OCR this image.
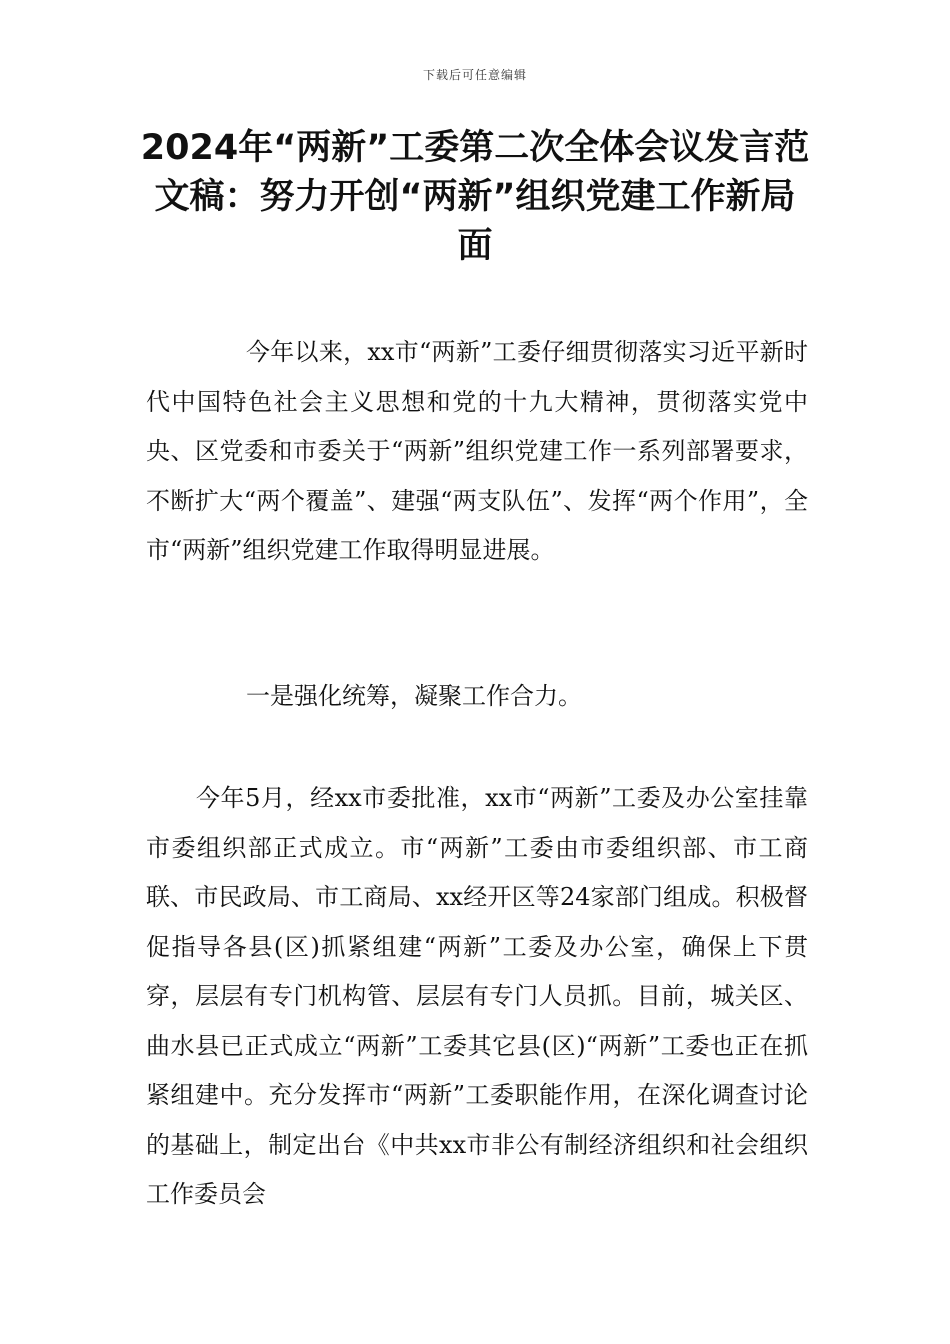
下载后可任意编辑
2024年“两新”工委第二次全体会议发言范文稿：努力开创“两新”组织党建工作新局面

今年以来，xx市“两新”工委仔细贯彻落实习近平新时代中国特色社会主义思想和党的十九大精神，贯彻落实党中央、区党委和市委关于“两新”组织党建工作一系列部署要求，不断扩大“两个覆盖”、建强“两支队伍”、发挥“两个作用”，全市“两新”组织党建工作取得明显进展。

一是强化统筹，凝聚工作合力。

今年5月，经xx市委批准，xx市“两新”工委及办公室挂靠市委组织部正式成立。市“两新”工委由市委组织部、市工商联、市民政局、市工商局、xx经开区等24家部门组成。积极督促指导各县(区)抓紧组建“两新”工委及办公室，确保上下贯穿，层层有专门机构管、层层有专门人员抓。目前，城关区、曲水县已正式成立“两新”工委其它县(区)“两新”工委也正在抓紧组建中。充分发挥市“两新”工委职能作用，在深化调查讨论的基础上，制定出台《中共xx市非公有制经济组织和社会组织工作委员会
